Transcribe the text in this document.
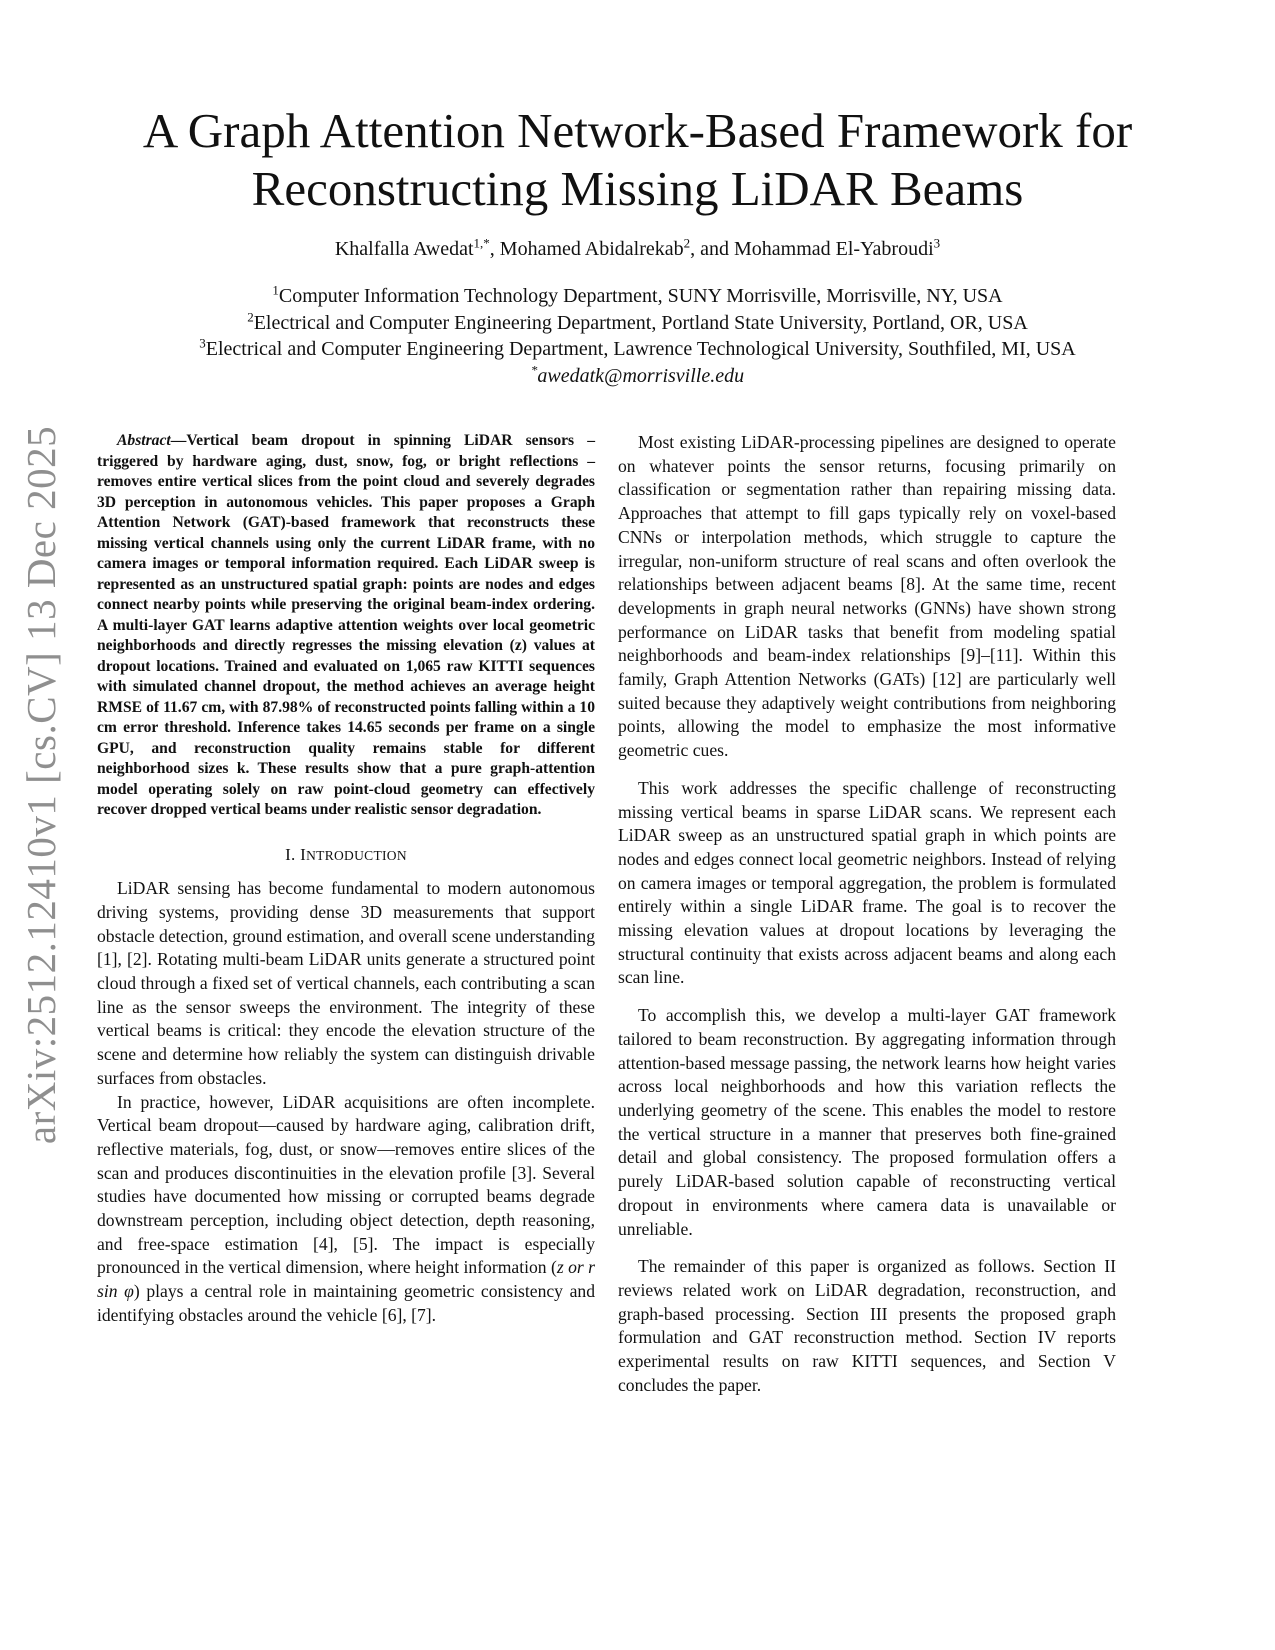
arXiv:2512.12410v1 [cs.CV] 13 Dec 2025
A Graph Attention Network-Based Framework for
Reconstructing Missing LiDAR Beams
Khalfalla Awedat$^{1,*}$, Mohamed Abidalrekab$^2$, and Mohammad El-Yabroudi$^3$
$^1$Computer Information Technology Department, SUNY Morrisville, Morrisville, NY, USA
$^2$Electrical and Computer Engineering Department, Portland State University, Portland, OR, USA
$^3$Electrical and Computer Engineering Department, Lawrence Technological University, Southfiled, MI, USA
*awedatk@morrisville.edu

Abstract—Vertical beam dropout in spinning LiDAR sensors – triggered by hardware aging, dust, snow, fog, or bright reflections – removes entire vertical slices from the point cloud and severely degrades 3D perception in autonomous vehicles. This paper proposes a Graph Attention Network (GAT)-based framework that reconstructs these missing vertical channels using only the current LiDAR frame, with no camera images or temporal information required. Each LiDAR sweep is represented as an unstructured spatial graph: points are nodes and edges connect nearby points while preserving the original beam-index ordering. A multi-layer GAT learns adaptive attention weights over local geometric neighborhoods and directly regresses the missing elevation (z) values at dropout locations. Trained and evaluated on 1,065 raw KITTI sequences with simulated channel dropout, the method achieves an average height RMSE of 11.67 cm, with 87.98% of reconstructed points falling within a 10 cm error threshold. Inference takes 14.65 seconds per frame on a single GPU, and reconstruction quality remains stable for different neighborhood sizes k. These results show that a pure graph-attention model operating solely on raw point-cloud geometry can effectively recover dropped vertical beams under realistic sensor degradation.

I. INTRODUCTION

LiDAR sensing has become fundamental to modern autonomous driving systems, providing dense 3D measurements that support obstacle detection, ground estimation, and overall scene understanding [1], [2]. Rotating multi-beam LiDAR units generate a structured point cloud through a fixed set of vertical channels, each contributing a scan line as the sensor sweeps the environment. The integrity of these vertical beams is critical: they encode the elevation structure of the scene and determine how reliably the system can distinguish drivable surfaces from obstacles.

In practice, however, LiDAR acquisitions are often incomplete. Vertical beam dropout—caused by hardware aging, calibration drift, reflective materials, fog, dust, or snow—removes entire slices of the scan and produces discontinuities in the elevation profile [3]. Several studies have documented how missing or corrupted beams degrade downstream perception, including object detection, depth reasoning, and free-space estimation [4], [5]. The impact is especially pronounced in the vertical dimension, where height information (z or r sin φ) plays a central role in maintaining geometric consistency and identifying obstacles around the vehicle [6], [7].

Most existing LiDAR-processing pipelines are designed to operate on whatever points the sensor returns, focusing primarily on classification or segmentation rather than repairing missing data. Approaches that attempt to fill gaps typically rely on voxel-based CNNs or interpolation methods, which struggle to capture the irregular, non-uniform structure of real scans and often overlook the relationships between adjacent beams [8]. At the same time, recent developments in graph neural networks (GNNs) have shown strong performance on LiDAR tasks that benefit from modeling spatial neighborhoods and beam-index relationships [9]–[11]. Within this family, Graph Attention Networks (GATs) [12] are particularly well suited because they adaptively weight contributions from neighboring points, allowing the model to emphasize the most informative geometric cues.

This work addresses the specific challenge of reconstructing missing vertical beams in sparse LiDAR scans. We represent each LiDAR sweep as an unstructured spatial graph in which points are nodes and edges connect local geometric neighbors. Instead of relying on camera images or temporal aggregation, the problem is formulated entirely within a single LiDAR frame. The goal is to recover the missing elevation values at dropout locations by leveraging the structural continuity that exists across adjacent beams and along each scan line.

To accomplish this, we develop a multi-layer GAT framework tailored to beam reconstruction. By aggregating information through attention-based message passing, the network learns how height varies across local neighborhoods and how this variation reflects the underlying geometry of the scene. This enables the model to restore the vertical structure in a manner that preserves both fine-grained detail and global consistency. The proposed formulation offers a purely LiDAR-based solution capable of reconstructing vertical dropout in environments where camera data is unavailable or unreliable.

The remainder of this paper is organized as follows. Section II reviews related work on LiDAR degradation, reconstruction, and graph-based processing. Section III presents the proposed graph formulation and GAT reconstruction method. Section IV reports experimental results on raw KITTI sequences, and Section V concludes the paper.
